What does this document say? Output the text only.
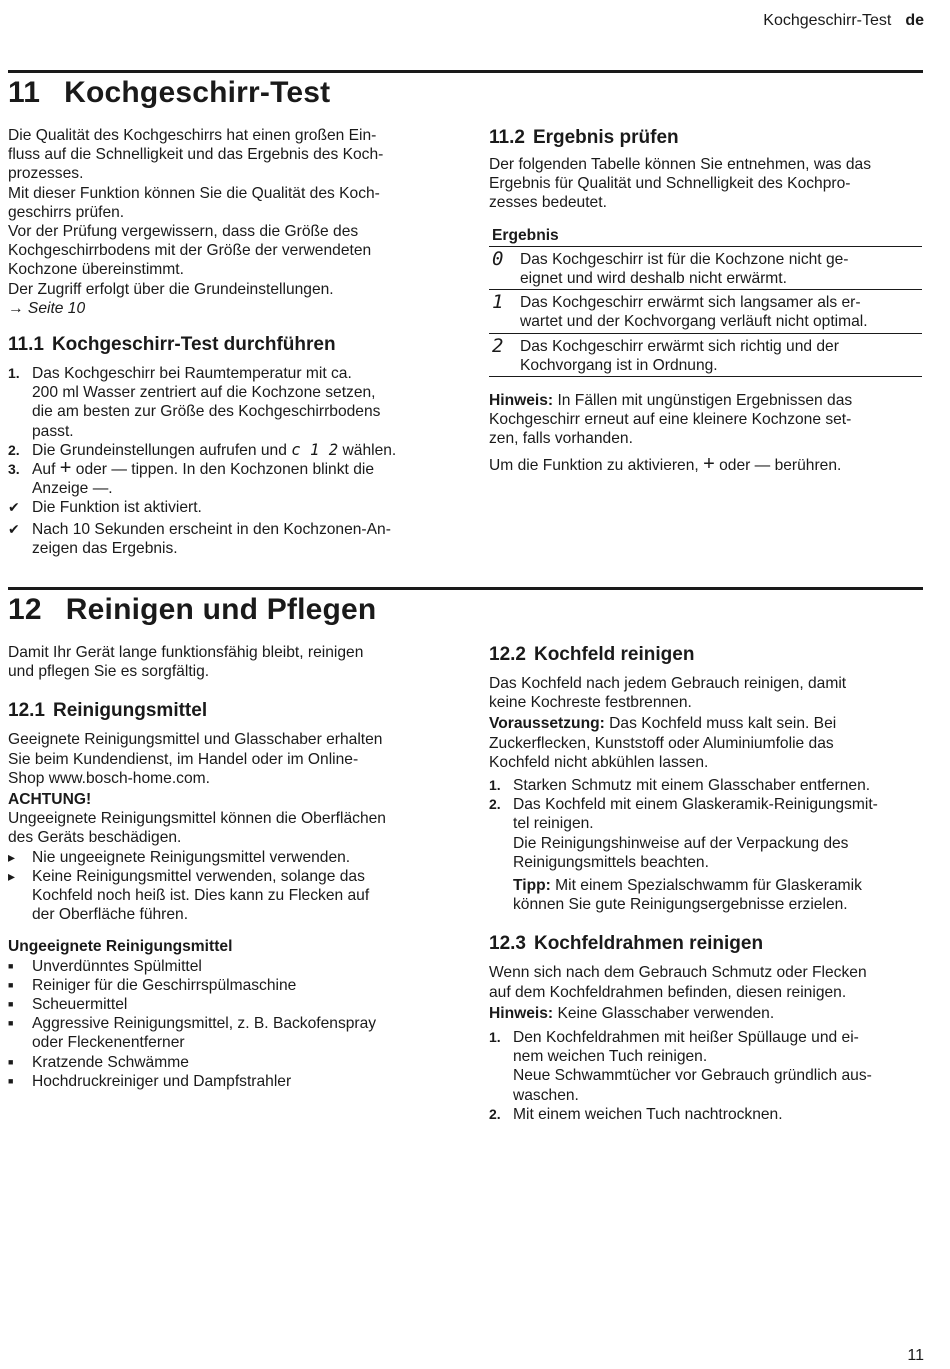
Kochgeschirr-Test de
11 Kochgeschirr-Test

Die Qualität des Kochgeschirrs hat einen großen Ein-
fluss auf die Schnelligkeit und das Ergebnis des Koch-
prozesses.

Mit dieser Funktion können Sie die Qualität des Koch-
geschirrs prüfen.

Vor der Prüfung vergewissern, dass die Größe des
Kochgeschirrbodens mit der Größe der verwendeten
Kochzone übereinstimmt.

Der Zugriff erfolgt über die Grundeinstellungen.

→ Seite 10

11.1 Kochgeschirr-Test durchführen
1. Das Kochgeschirr bei Raumtemperatur mit ca.
200 ml Wasser zentriert auf die Kochzone setzen,
die am besten zur Größe des Kochgeschirrbodens
passt.
2. Die Grundeinstellungen aufrufen und c 1 2 wählen.
3. Auf + oder — tippen. In den Kochzonen blinkt die
Anzeige —.
✔ Die Funktion ist aktiviert.
✔ Nach 10 Sekunden erscheint in den Kochzonen-An-
zeigen das Ergebnis.
11.2 Ergebnis prüfen

Der folgenden Tabelle können Sie entnehmen, was das
Ergebnis für Qualität und Schnelligkeit des Kochpro-
zesses bedeutet.

Ergebnis	
0	Das Kochgeschirr ist für die Kochzone nicht ge-
eignet und wird deshalb nicht erwärmt.
1	Das Kochgeschirr erwärmt sich langsamer als er-
wartet und der Kochvorgang verläuft nicht optimal.
2	Das Kochgeschirr erwärmt sich richtig und der
Kochvorgang ist in Ordnung.

Hinweis: In Fällen mit ungünstigen Ergebnissen das
Kochgeschirr erneut auf eine kleinere Kochzone set-
zen, falls vorhanden.

Um die Funktion zu aktivieren, + oder — berühren.

12 Reinigen und Pflegen

Damit Ihr Gerät lange funktionsfähig bleibt, reinigen
und pflegen Sie es sorgfältig.

12.1 Reinigungsmittel

Geeignete Reinigungsmittel und Glasschaber erhalten
Sie beim Kundendienst, im Handel oder im Online-
Shop www.bosch-home.com.

ACHTUNG!

Ungeeignete Reinigungsmittel können die Oberflächen
des Geräts beschädigen.

▸	Nie ungeeignete Reinigungsmittel verwenden.
▸	Keine Reinigungsmittel verwenden, solange das
Kochfeld noch heiß ist. Dies kann zu Flecken auf
der Oberfläche führen.

Ungeeignete Reinigungsmittel

■	Unverdünntes Spülmittel
■	Reiniger für die Geschirrspülmaschine
■	Scheuermittel
■	Aggressive Reinigungsmittel, z. B. Backofenspray
oder Fleckenentferner
■	Kratzende Schwämme
■	Hochdruckreiniger und Dampfstrahler
12.2 Kochfeld reinigen

Das Kochfeld nach jedem Gebrauch reinigen, damit
keine Kochreste festbrennen.

Voraussetzung: Das Kochfeld muss kalt sein. Bei
Zuckerflecken, Kunststoff oder Aluminiumfolie das
Kochfeld nicht abkühlen lassen.

1. Starken Schmutz mit einem Glasschaber entfernen.
2. Das Kochfeld mit einem Glaskeramik-Reinigungsmit-
tel reinigen.
Die Reinigungshinweise auf der Verpackung des
Reinigungsmittels beachten.

Tipp: Mit einem Spezialschwamm für Glaskeramik
können Sie gute Reinigungsergebnisse erzielen.

12.3 Kochfeldrahmen reinigen

Wenn sich nach dem Gebrauch Schmutz oder Flecken
auf dem Kochfeldrahmen befinden, diesen reinigen.

Hinweis: Keine Glasschaber verwenden.

1. Den Kochfeldrahmen mit heißer Spüllauge und ei-
nem weichen Tuch reinigen.
Neue Schwammtücher vor Gebrauch gründlich aus-
waschen.
2. Mit einem weichen Tuch nachtrocknen.
11
